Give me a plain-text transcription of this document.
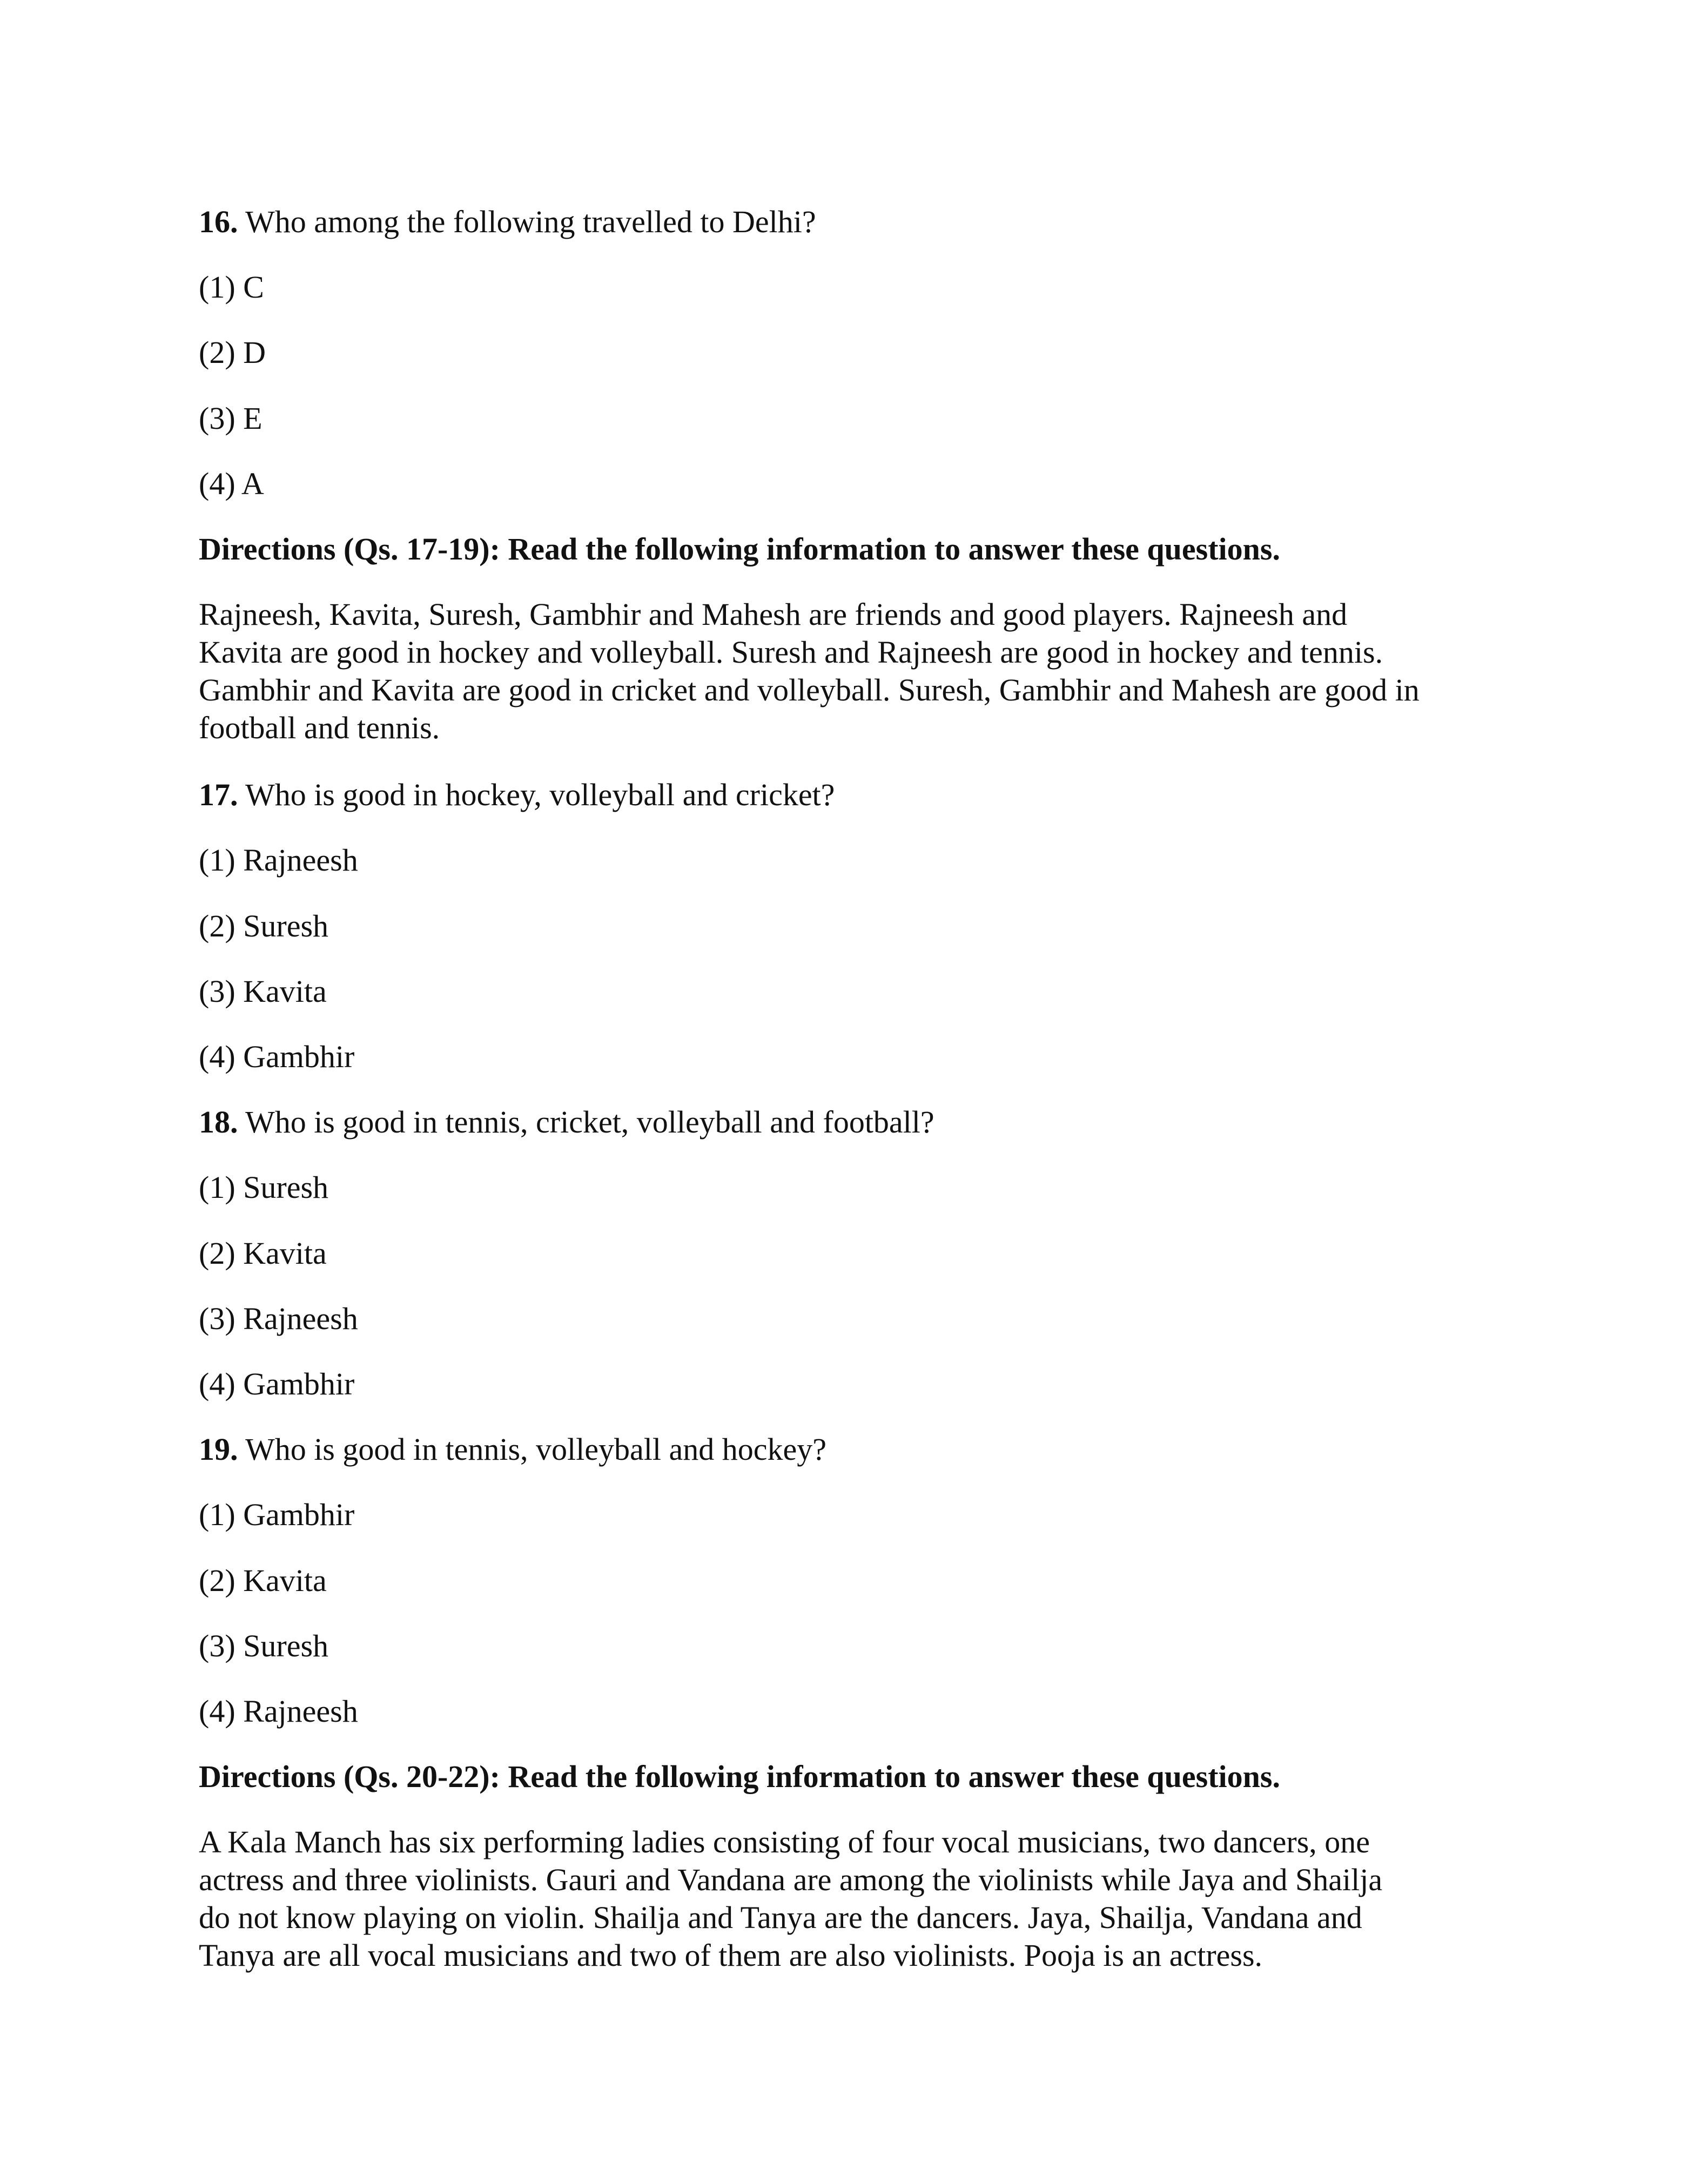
16. Who among the following travelled to Delhi?
(1) C
(2) D
(3) E
(4) A
Directions (Qs. 17-19): Read the following information to answer these questions.
Rajneesh, Kavita, Suresh, Gambhir and Mahesh are friends and good players. Rajneesh and
Kavita are good in hockey and volleyball. Suresh and Rajneesh are good in hockey and tennis.
Gambhir and Kavita are good in cricket and volleyball. Suresh, Gambhir and Mahesh are good in
football and tennis.
17. Who is good in hockey, volleyball and cricket?
(1) Rajneesh
(2) Suresh
(3) Kavita
(4) Gambhir
18. Who is good in tennis, cricket, volleyball and football?
(1) Suresh
(2) Kavita
(3) Rajneesh
(4) Gambhir
19. Who is good in tennis, volleyball and hockey?
(1) Gambhir
(2) Kavita
(3) Suresh
(4) Rajneesh
Directions (Qs. 20-22): Read the following information to answer these questions.
A Kala Manch has six performing ladies consisting of four vocal musicians, two dancers, one
actress and three violinists. Gauri and Vandana are among the violinists while Jaya and Shailja
do not know playing on violin. Shailja and Tanya are the dancers. Jaya, Shailja, Vandana and
Tanya are all vocal musicians and two of them are also violinists. Pooja is an actress.
